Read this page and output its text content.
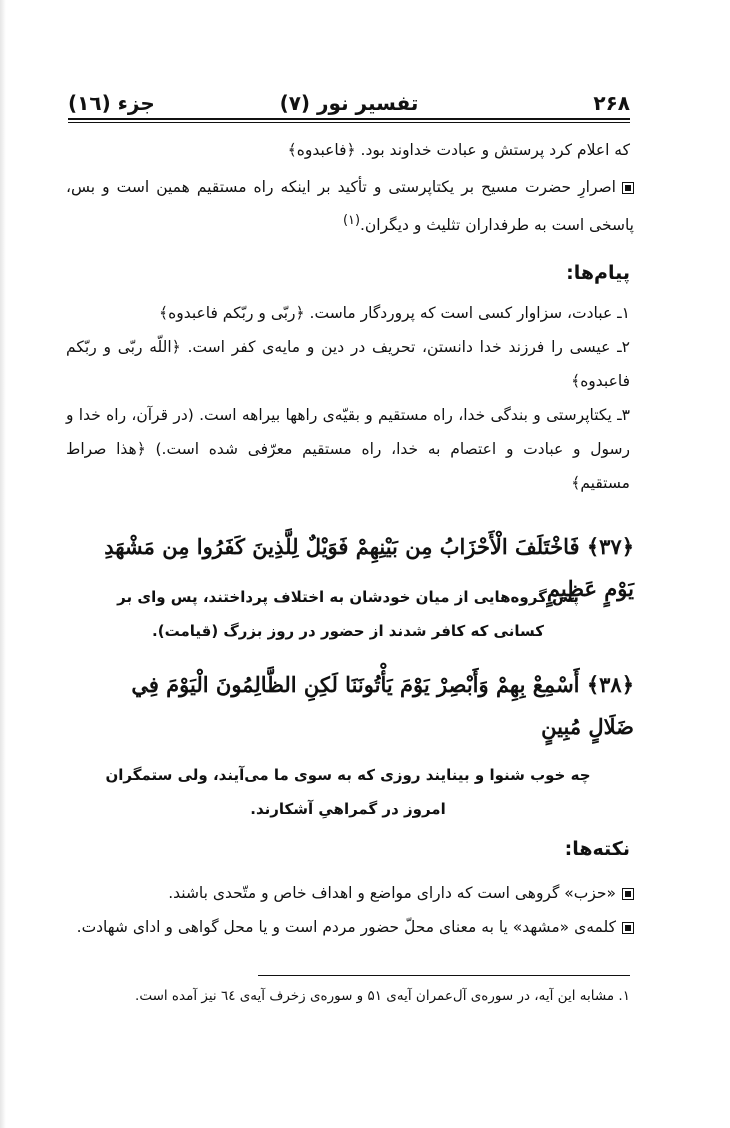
۲۶۸
تفسیر نور (۷)
جزء (١٦)

که اعلام کرد پرستش و عبادت خداوند بود. ﴿فاعبدوه﴾

اصرارِ حضرت مسیح بر یکتاپرستی و تأکید بر اینکه راه مستقیم همین است و بس، پاسخی است به طرفداران تثلیث و دیگران.$^{(۱)}$
پیام‌ها:
۱ـ عبادت، سزاوار کسی است که پروردگار ماست. ﴿ربّی و ربّکم فاعبدوه﴾
۲ـ عیسی را فرزند خدا دانستن، تحریف در دین و مایه‌ی کفر است. ﴿اللّه ربّی و ربّکم فاعبدوه﴾
۳ـ یکتاپرستی و بندگی خدا، راه مستقیم و بقیّه‌ی راهها بیراهه است. (در قرآن، راه خدا و رسول و عبادت و اعتصام به خدا، راه مستقیم معرّفی شده است.) ﴿هذا صراط مستقیم﴾
﴿۳۷﴾ فَاخْتَلَفَ الْأَحْزَابُ مِن بَيْنِهِمْ فَوَيْلٌ لِلَّذِينَ كَفَرُوا مِن مَشْهَدِ يَوْمٍ عَظِيمٍ
پس گروه‌هایی از میان خودشان به اختلاف پرداختند، پس وای بر کسانی که کافر شدند از حضور در روز بزرگ (قیامت).
﴿۳۸﴾ أَسْمِعْ بِهِمْ وَأَبْصِرْ يَوْمَ يَأْتُونَنَا لَكِنِ الظَّالِمُونَ الْيَوْمَ فِي ضَلَالٍ مُبِينٍ
چه خوب شنوا و بینایند روزی که به سوی ما می‌آیند، ولی ستمگران امروز در گمراهیِ آشکارند.
نکته‌ها:
«حزب» گروهی است که دارای مواضع و اهداف خاص و متّحدی باشند.
کلمه‌ی «مشهد» یا به معنای محلّ حضور مردم است و یا محل گواهی و ادای شهادت.
۱. مشابه این آیه، در سوره‌ی آل‌عمران آیه‌ی ۵۱ و سوره‌ی زخرف آیه‌ی ٦٤ نیز آمده است.
